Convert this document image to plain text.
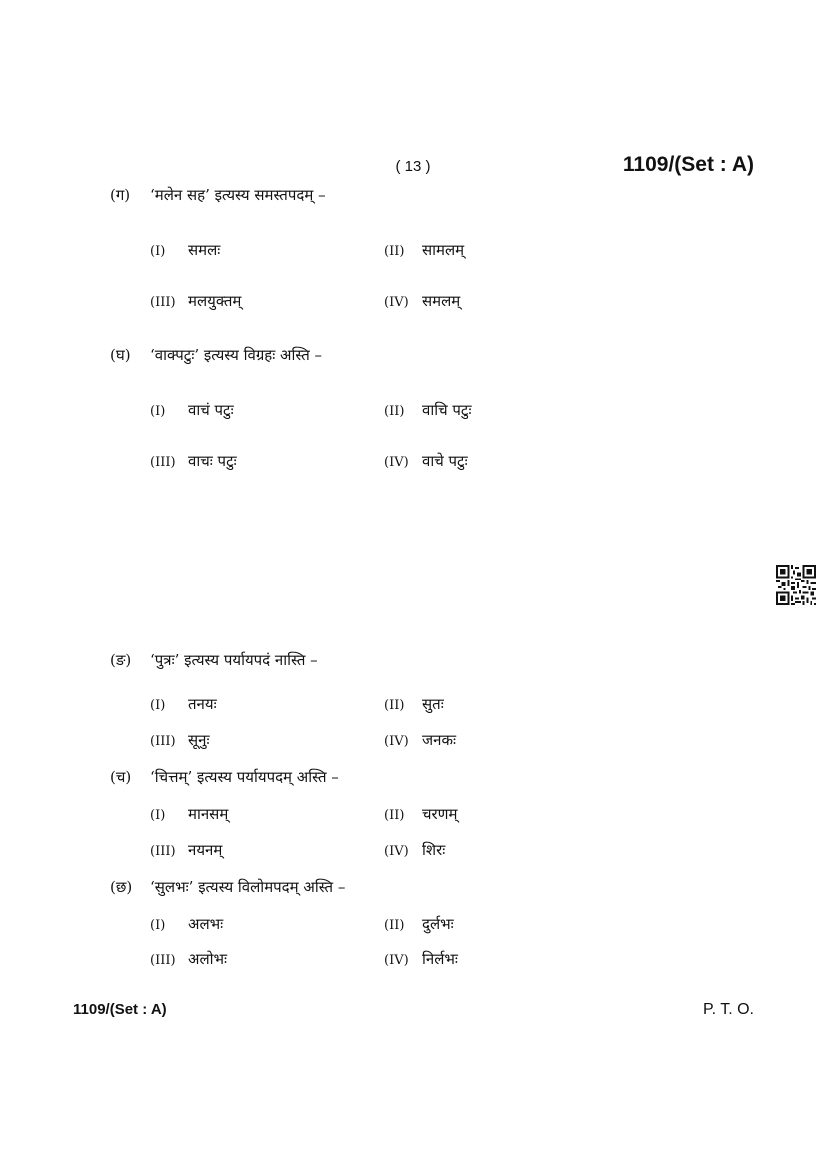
( 13 )	1109/(Set : A)
(ग) ‘मलेन सह’ इत्यस्य समस्तपदम् –
(I) समलः	(II) सामलम्
(III) मलयुक्तम्	(IV) समलम्
(घ) ‘वाक्पटुः’ इत्यस्य विग्रहः अस्ति –
(I) वाचं पटुः	(II) वाचि पटुः
(III) वाचः पटुः	(IV) वाचे पटुः
(ङ) ‘पुत्रः’ इत्यस्य पर्यायपदं नास्ति –
(I) तनयः	(II) सुतः
(III) सूनुः	(IV) जनकः
(च) ‘चित्तम्’ इत्यस्य पर्यायपदम् अस्ति –
(I) मानसम्	(II) चरणम्
(III) नयनम्	(IV) शिरः
(छ) ‘सुलभः’ इत्यस्य विलोमपदम् अस्ति –
(I) अलभः	(II) दुर्लभः
(III) अलोभः	(IV) निर्लभः
1109/(Set : A)	P. T. O.
